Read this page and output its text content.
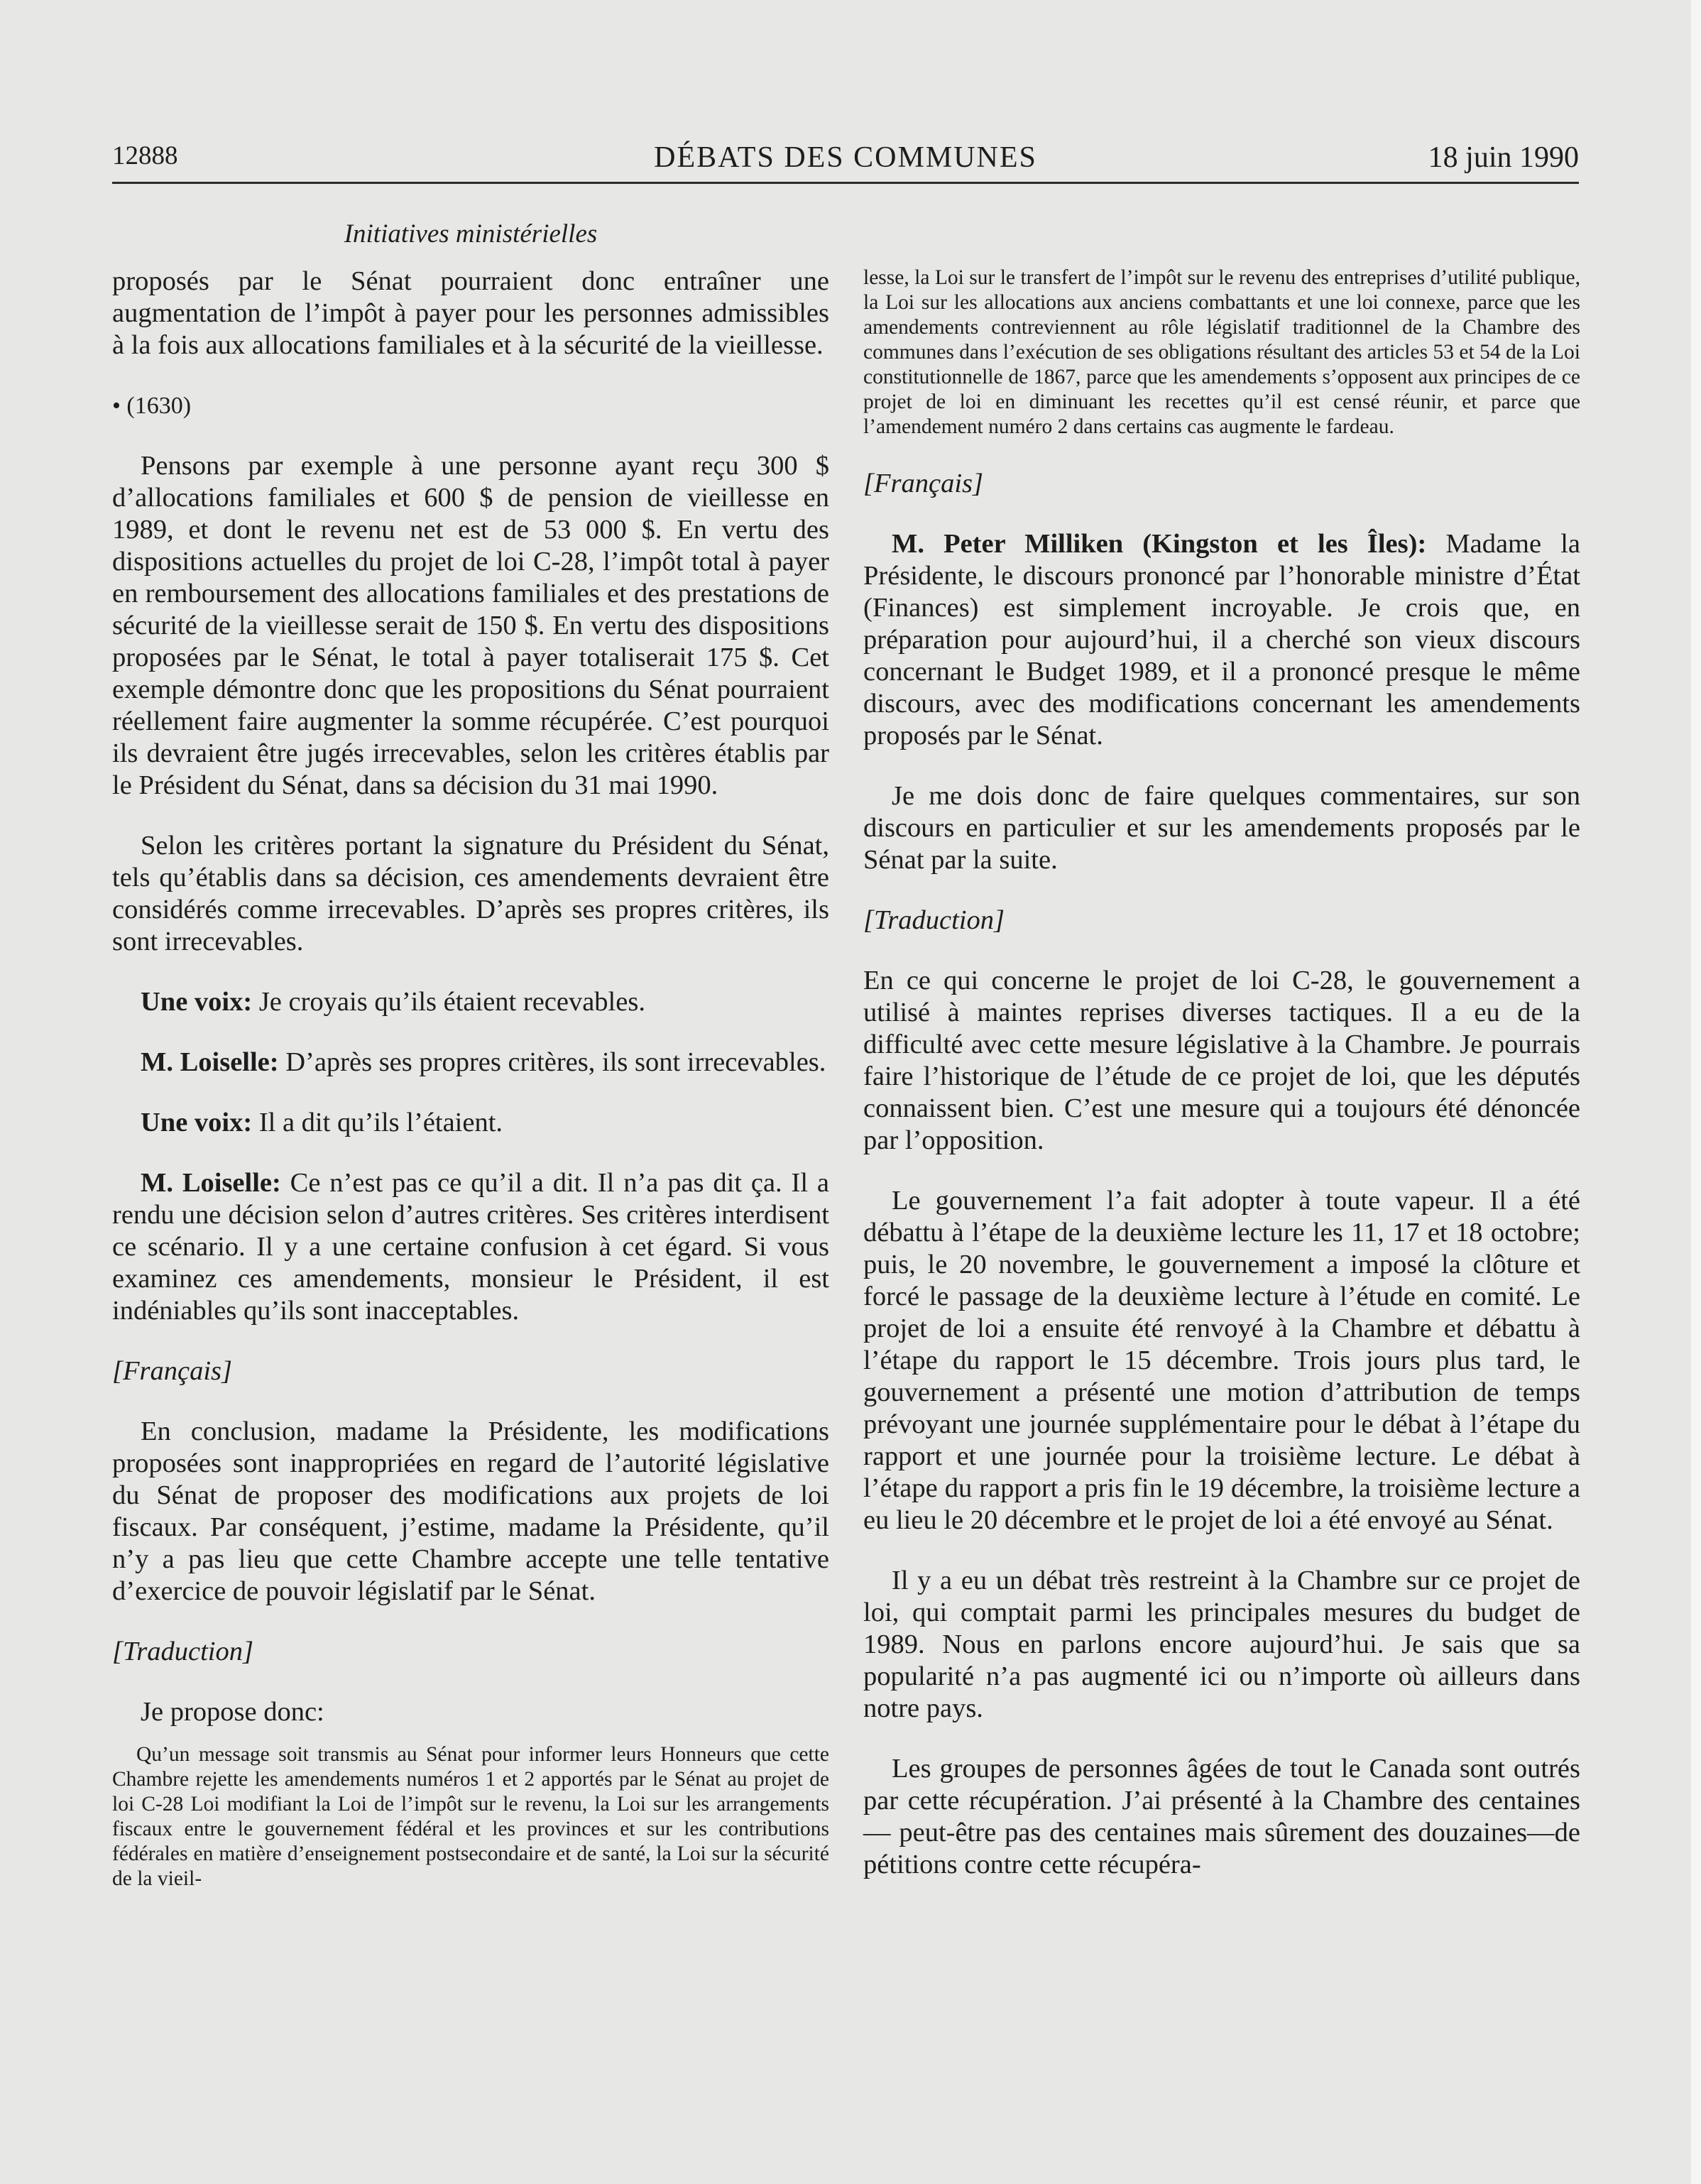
DÉBATS DES COMMUNES
12888	18 juin 1990
Initiatives ministérielles

proposés par le Sénat pourraient donc entraîner une augmentation de l’impôt à payer pour les personnes admissibles à la fois aux allocations familiales et à la sécurité de la vieillesse.

• (1630)

Pensons par exemple à une personne ayant reçu 300 $ d’allocations familiales et 600 $ de pension de vieillesse en 1989, et dont le revenu net est de 53 000 $. En vertu des dispositions actuelles du projet de loi C-28, l’impôt total à payer en remboursement des allocations familiales et des prestations de sécurité de la vieillesse serait de 150 $. En vertu des dispositions proposées par le Sénat, le total à payer totaliserait 175 $. Cet exemple démontre donc que les propositions du Sénat pourraient réellement faire augmenter la somme récupérée. C’est pourquoi ils devraient être jugés irrecevables, selon les critères établis par le Président du Sénat, dans sa décision du 31 mai 1990.

Selon les critères portant la signature du Président du Sénat, tels qu’établis dans sa décision, ces amendements devraient être considérés comme irrecevables. D’après ses propres critères, ils sont irrecevables.

Une voix: Je croyais qu’ils étaient recevables.

M. Loiselle: D’après ses propres critères, ils sont irrecevables.

Une voix: Il a dit qu’ils l’étaient.

M. Loiselle: Ce n’est pas ce qu’il a dit. Il n’a pas dit ça. Il a rendu une décision selon d’autres critères. Ses critères interdisent ce scénario. Il y a une certaine confusion à cet égard. Si vous examinez ces amendements, monsieur le Président, il est indéniables qu’ils sont inacceptables.

[Français]

En conclusion, madame la Présidente, les modifications proposées sont inappropriées en regard de l’autorité législative du Sénat de proposer des modifications aux projets de loi fiscaux. Par conséquent, j’estime, madame la Présidente, qu’il n’y a pas lieu que cette Chambre accepte une telle tentative d’exercice de pouvoir législatif par le Sénat.

[Traduction]

Je propose donc:

Qu’un message soit transmis au Sénat pour informer leurs Honneurs que cette Chambre rejette les amendements numéros 1 et 2 apportés par le Sénat au projet de loi C-28 Loi modifiant la Loi de l’impôt sur le revenu, la Loi sur les arrangements fiscaux entre le gouvernement fédéral et les provinces et sur les contributions fédérales en matière d’enseignement postsecondaire et de santé, la Loi sur la sécurité de la vieil-

lesse, la Loi sur le transfert de l’impôt sur le revenu des entreprises d’utilité publique, la Loi sur les allocations aux anciens combattants et une loi connexe, parce que les amendements contreviennent au rôle législatif traditionnel de la Chambre des communes dans l’exécution de ses obligations résultant des articles 53 et 54 de la Loi constitutionnelle de 1867, parce que les amendements s’opposent aux principes de ce projet de loi en diminuant les recettes qu’il est censé réunir, et parce que l’amendement numéro 2 dans certains cas augmente le fardeau.

[Français]

M. Peter Milliken (Kingston et les Îles): Madame la Présidente, le discours prononcé par l’honorable ministre d’État (Finances) est simplement incroyable. Je crois que, en préparation pour aujourd’hui, il a cherché son vieux discours concernant le Budget 1989, et il a prononcé presque le même discours, avec des modifications concernant les amendements proposés par le Sénat.

Je me dois donc de faire quelques commentaires, sur son discours en particulier et sur les amendements proposés par le Sénat par la suite.

[Traduction]

En ce qui concerne le projet de loi C-28, le gouvernement a utilisé à maintes reprises diverses tactiques. Il a eu de la difficulté avec cette mesure législative à la Chambre. Je pourrais faire l’historique de l’étude de ce projet de loi, que les députés connaissent bien. C’est une mesure qui a toujours été dénoncée par l’opposition.

Le gouvernement l’a fait adopter à toute vapeur. Il a été débattu à l’étape de la deuxième lecture les 11, 17 et 18 octobre; puis, le 20 novembre, le gouvernement a imposé la clôture et forcé le passage de la deuxième lecture à l’étude en comité. Le projet de loi a ensuite été renvoyé à la Chambre et débattu à l’étape du rapport le 15 décembre. Trois jours plus tard, le gouvernement a présenté une motion d’attribution de temps prévoyant une journée supplémentaire pour le débat à l’étape du rapport et une journée pour la troisième lecture. Le débat à l’étape du rapport a pris fin le 19 décembre, la troisième lecture a eu lieu le 20 décembre et le projet de loi a été envoyé au Sénat.

Il y a eu un débat très restreint à la Chambre sur ce projet de loi, qui comptait parmi les principales mesures du budget de 1989. Nous en parlons encore aujourd’hui. Je sais que sa popularité n’a pas augmenté ici ou n’importe où ailleurs dans notre pays.

Les groupes de personnes âgées de tout le Canada sont outrés par cette récupération. J’ai présenté à la Chambre des centaines— peut-être pas des centaines mais sûrement des douzaines—de pétitions contre cette récupéra-
